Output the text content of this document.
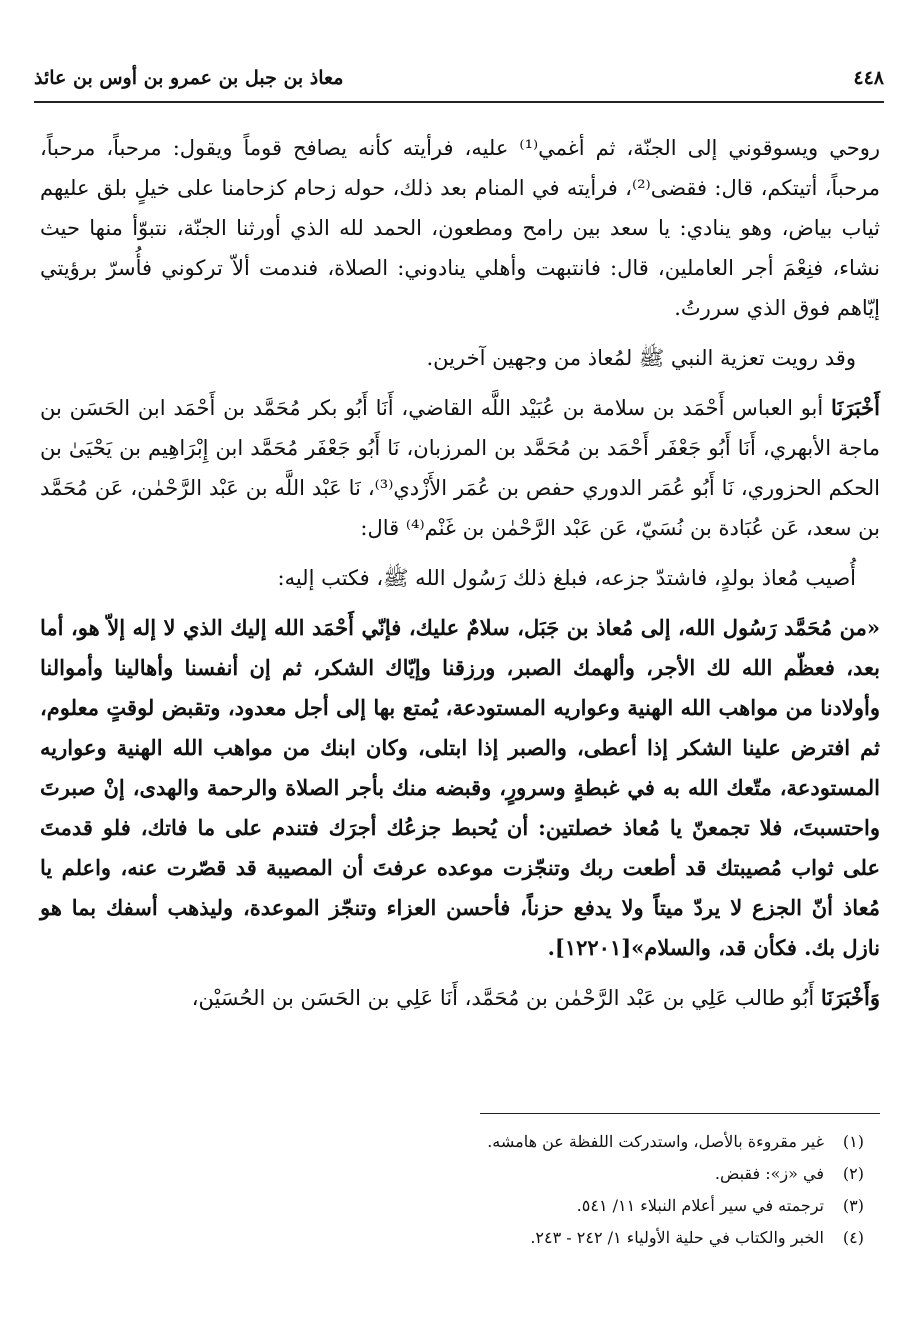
٤٤٨
معاذ بن جبل بن عمرو بن أوس بن عائذ

روحي ويسوقوني إلى الجنّة، ثم أغمي⁽¹⁾ عليه، فرأيته كأنه يصافح قوماً ويقول: مرحباً، مرحباً، مرحباً، أتيتكم، قال: فقضى⁽²⁾، فرأيته في المنام بعد ذلك، حوله زحام كزحامنا على خيلٍ بلق عليهم ثياب بياض، وهو ينادي: يا سعد بين رامح ومطعون، الحمد لله الذي أورثنا الجنّة، نتبوّأ منها حيث نشاء، فنِعْمَ أجر العاملين، قال: فانتبهت وأهلي ينادوني: الصلاة، فندمت ألاّ تركوني فأُسرّ برؤيتي إيّاهم فوق الذي سررتُ.

وقد رويت تعزية النبي ﷺ لمُعاذ من وجهين آخرين.

أَخْبَرَنَا أبو العباس أَحْمَد بن سلامة بن عُبَيْد اللَّه القاضي، أَنَا أَبُو بكر مُحَمَّد بن أَحْمَد ابن الحَسَن بن ماجة الأبهري، أَنَا أَبُو جَعْفَر أَحْمَد بن مُحَمَّد بن المرزبان، نَا أَبُو جَعْفَر مُحَمَّد ابن إِبْرَاهِيم بن يَحْيَىٰ بن الحكم الحزوري، نَا أَبُو عُمَر الدوري حفص بن عُمَر الأَزْدي⁽³⁾، نَا عَبْد اللَّه بن عَبْد الرَّحْمٰن، عَن مُحَمَّد بن سعد، عَن عُبَادة بن نُسَيّ، عَن عَبْد الرَّحْمٰن بن غَنْم⁽⁴⁾ قال:

أُصيب مُعاذ بولدٍ، فاشتدّ جزعه، فبلغ ذلك رَسُول الله ﷺ، فكتب إليه:

«من مُحَمَّد رَسُول الله، إلى مُعاذ بن جَبَل، سلامٌ عليك، فإنّي أَحْمَد الله إليك الذي لا إله إلاّ هو، أما بعد، فعظّم الله لك الأجر، وألهمك الصبر، ورزقنا وإيّاك الشكر، ثم إن أنفسنا وأهالينا وأموالنا وأولادنا من مواهب الله الهنية وعواريه المستودعة، يُمتع بها إلى أجل معدود، وتقبض لوقتٍ معلوم، ثم افترض علينا الشكر إذا أعطى، والصبر إذا ابتلى، وكان ابنك من مواهب الله الهنية وعواريه المستودعة، متّعك الله به في غبطةٍ وسرورٍ، وقبضه منك بأجر الصلاة والرحمة والهدى، إنْ صبرتَ واحتسبتَ، فلا تجمعنّ يا مُعاذ خصلتين: أن يُحبط جزعُك أجرَك فتندم على ما فاتك، فلو قدمتَ على ثواب مُصيبتك قد أطعت ربك وتنجّزت موعده عرفتَ أن المصيبة قد قصّرت عنه، واعلم يا مُعاذ أنّ الجزع لا يردّ ميتاً ولا يدفع حزناً، فأحسن العزاء وتنجّز الموعدة، وليذهب أسفك بما هو نازل بك. فكأن قد، والسلام»[١٢٢٠١].

وَأَخْبَرَنَا أَبُو طالب عَلِي بن عَبْد الرَّحْمٰن بن مُحَمَّد، أَنَا عَلِي بن الحَسَن بن الحُسَيْن،

(١)
غير مقروءة بالأصل، واستدركت اللفظة عن هامشه.
(٢)
في «ز»: فقبض.
(٣)
ترجمته في سير أعلام النبلاء ١١/ ٥٤١.
(٤)
الخبر والكتاب في حلية الأولياء ١/ ٢٤٢ - ٢٤٣.
